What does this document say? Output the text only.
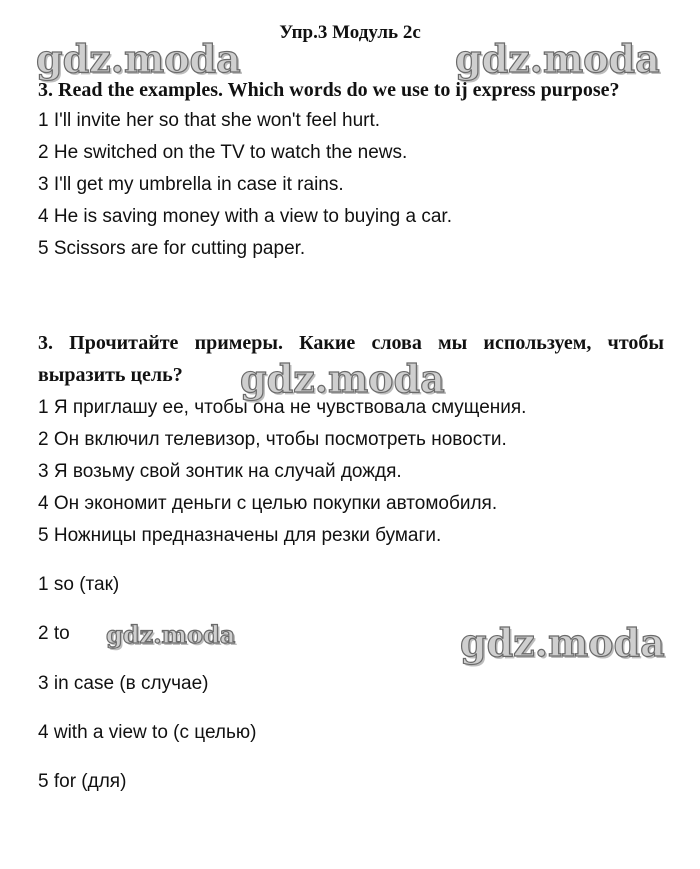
Упр.3 Модуль 2c
gdz.moda	gdz.moda
gdz.moda
gdz.moda	gdz.moda
3. Read the examples. Which words do we use to ij express purpose?
1 I'll invite her so that she won't feel hurt.
2 He switched on the TV to watch the news.
3 I'll get my umbrella in case it rains.
4 He is saving money with a view to buying a car.
5 Scissors are for cutting paper.
3. Прочитайте примеры. Какие слова мы используем, чтобы выразить цель?
1 Я приглашу ее, чтобы она не чувствовала смущения.
2 Он включил телевизор, чтобы посмотреть новости.
3 Я возьму свой зонтик на случай дождя.
4 Он экономит деньги с целью покупки автомобиля.
5 Ножницы предназначены для резки бумаги.
1 so (так)
2 to
3 in case (в случае)
4 with a view to (с целью)
5 for (для)
